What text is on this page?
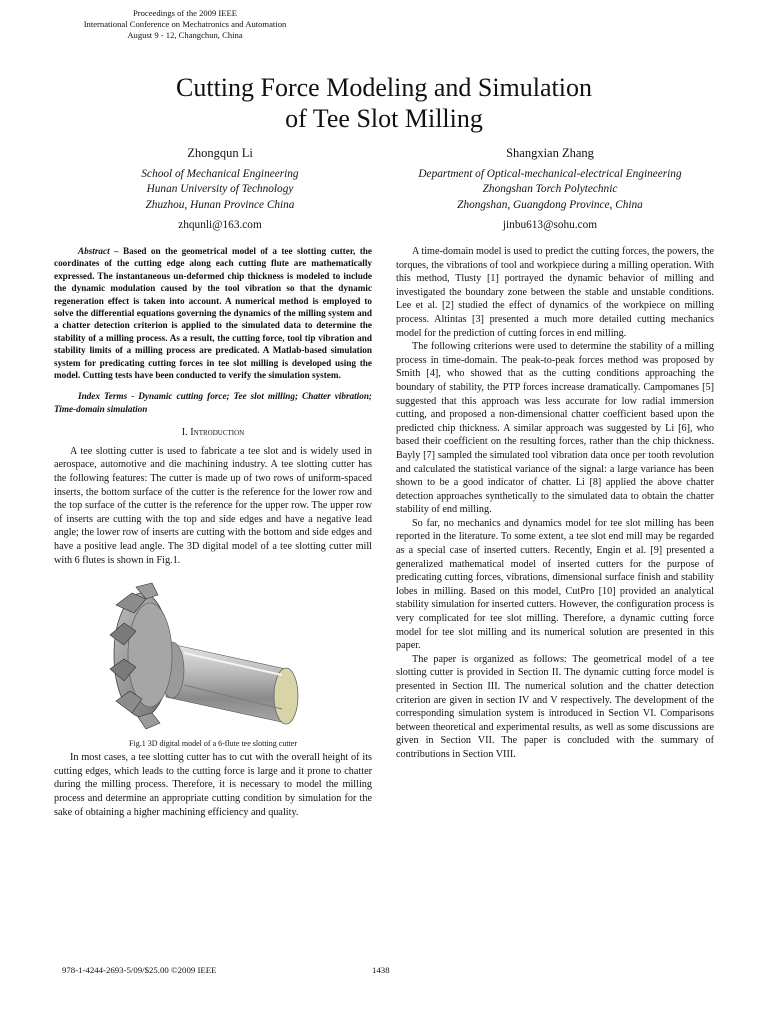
Proceedings of the 2009 IEEE
International Conference on Mechatronics and Automation
August 9 - 12, Changchun, China
Cutting Force Modeling and Simulation
of Tee Slot Milling
Zhongqun Li
School of Mechanical Engineering
Hunan University of Technology
Zhuzhou, Hunan Province China
zhqunli@163.com
Shangxian Zhang
Department of Optical-mechanical-electrical Engineering
Zhongshan Torch Polytechnic
Zhongshan, Guangdong Province, China
jinbu613@sohu.com

Abstract – Based on the geometrical model of a tee slotting cutter, the coordinates of the cutting edge along each cutting flute are mathematically expressed. The instantaneous un-deformed chip thickness is modeled to include the dynamic modulation caused by the tool vibration so that the dynamic regeneration effect is taken into account. A numerical method is employed to solve the differential equations governing the dynamics of the milling system and a chatter detection criterion is applied to the simulated data to determine the stability of a milling process. As a result, the cutting force, tool tip vibration and stability limits of a milling process are predicated. A Matlab-based simulation system for predicating cutting forces in tee slot milling is developed using the model. Cutting tests have been conducted to verify the simulation system.

Index Terms - Dynamic cutting force; Tee slot milling; Chatter vibration; Time-domain simulation

I. Introduction

A tee slotting cutter is used to fabricate a tee slot and is widely used in aerospace, automotive and die machining industry. A tee slotting cutter has the following features: The cutter is made up of two rows of uniform-spaced inserts, the bottom surface of the cutter is the reference for the lower row and the top surface of the cutter is the reference for the upper row. The upper row of inserts are cutting with the top and side edges and have a negative lead angle; the lower row of inserts are cutting with the bottom and side edges and have a positive lead angle. The 3D digital model of a tee slotting cutter mill with 6 flutes is shown in Fig.1.

Fig.1 3D digital model of a 6-flute tee slotting cutter

In most cases, a tee slotting cutter has to cut with the overall height of its cutting edges, which leads to the cutting force is large and it prone to chatter during the milling process. Therefore, it is necessary to model the milling process and determine an appropriate cutting condition by simulation for the sake of obtaining a higher machining efficiency and quality.

A time-domain model is used to predict the cutting forces, the powers, the torques, the vibrations of tool and workpiece during a milling operation. With this method, Tlusty [1] portrayed the dynamic behavior of milling and investigated the boundary zone between the stable and unstable conditions. Lee et al. [2] studied the effect of dynamics of the workpiece on milling process. Altintas [3] presented a much more detailed cutting mechanics model for the prediction of cutting forces in end milling.

The following criterions were used to determine the stability of a milling process in time-domain. The peak-to-peak forces method was proposed by Smith [4], who showed that as the cutting conditions approaching the boundary of stability, the PTP forces increase dramatically. Campomanes [5] suggested that this approach was less accurate for low radial immersion cutting, and proposed a non-dimensional chatter coefficient based upon the predicted chip thickness. A similar approach was suggested by Li [6], who based their coefficient on the resulting forces, rather than the chip thickness. Bayly [7] sampled the simulated tool vibration data once per tooth revolution and calculated the statistical variance of the signal: a large variance has been shown to be a good indicator of chatter. Li [8] applied the above chatter detection approaches synthetically to the simulated data to obtain the chatter stability of end milling.

So far, no mechanics and dynamics model for tee slot milling has been reported in the literature. To some extent, a tee slot end mill may be regarded as a special case of inserted cutters. Recently, Engin et al. [9] presented a generalized mathematical model of inserted cutters for the purpose of predicating cutting forces, vibrations, dimensional surface finish and stability lobes in milling. Based on this model, CutPro [10] provided an analytical stability simulation for inserted cutters. However, the configuration process is very complicated for tee slot milling. Therefore, a dynamic cutting force model for tee slot milling and its numerical solution are presented in this paper.

The paper is organized as follows: The geometrical model of a tee slotting cutter is provided in Section II. The dynamic cutting force model is presented in Section III. The numerical solution and the chatter detection criterion are given in section IV and V respectively. The development of the corresponding simulation system is introduced in Section VI. Comparisons between theoretical and experimental results, as well as some discussions are given in Section VII. The paper is concluded with the summary of contributions in Section VIII.

978-1-4244-2693-5/09/$25.00 ©2009 IEEE	1438
